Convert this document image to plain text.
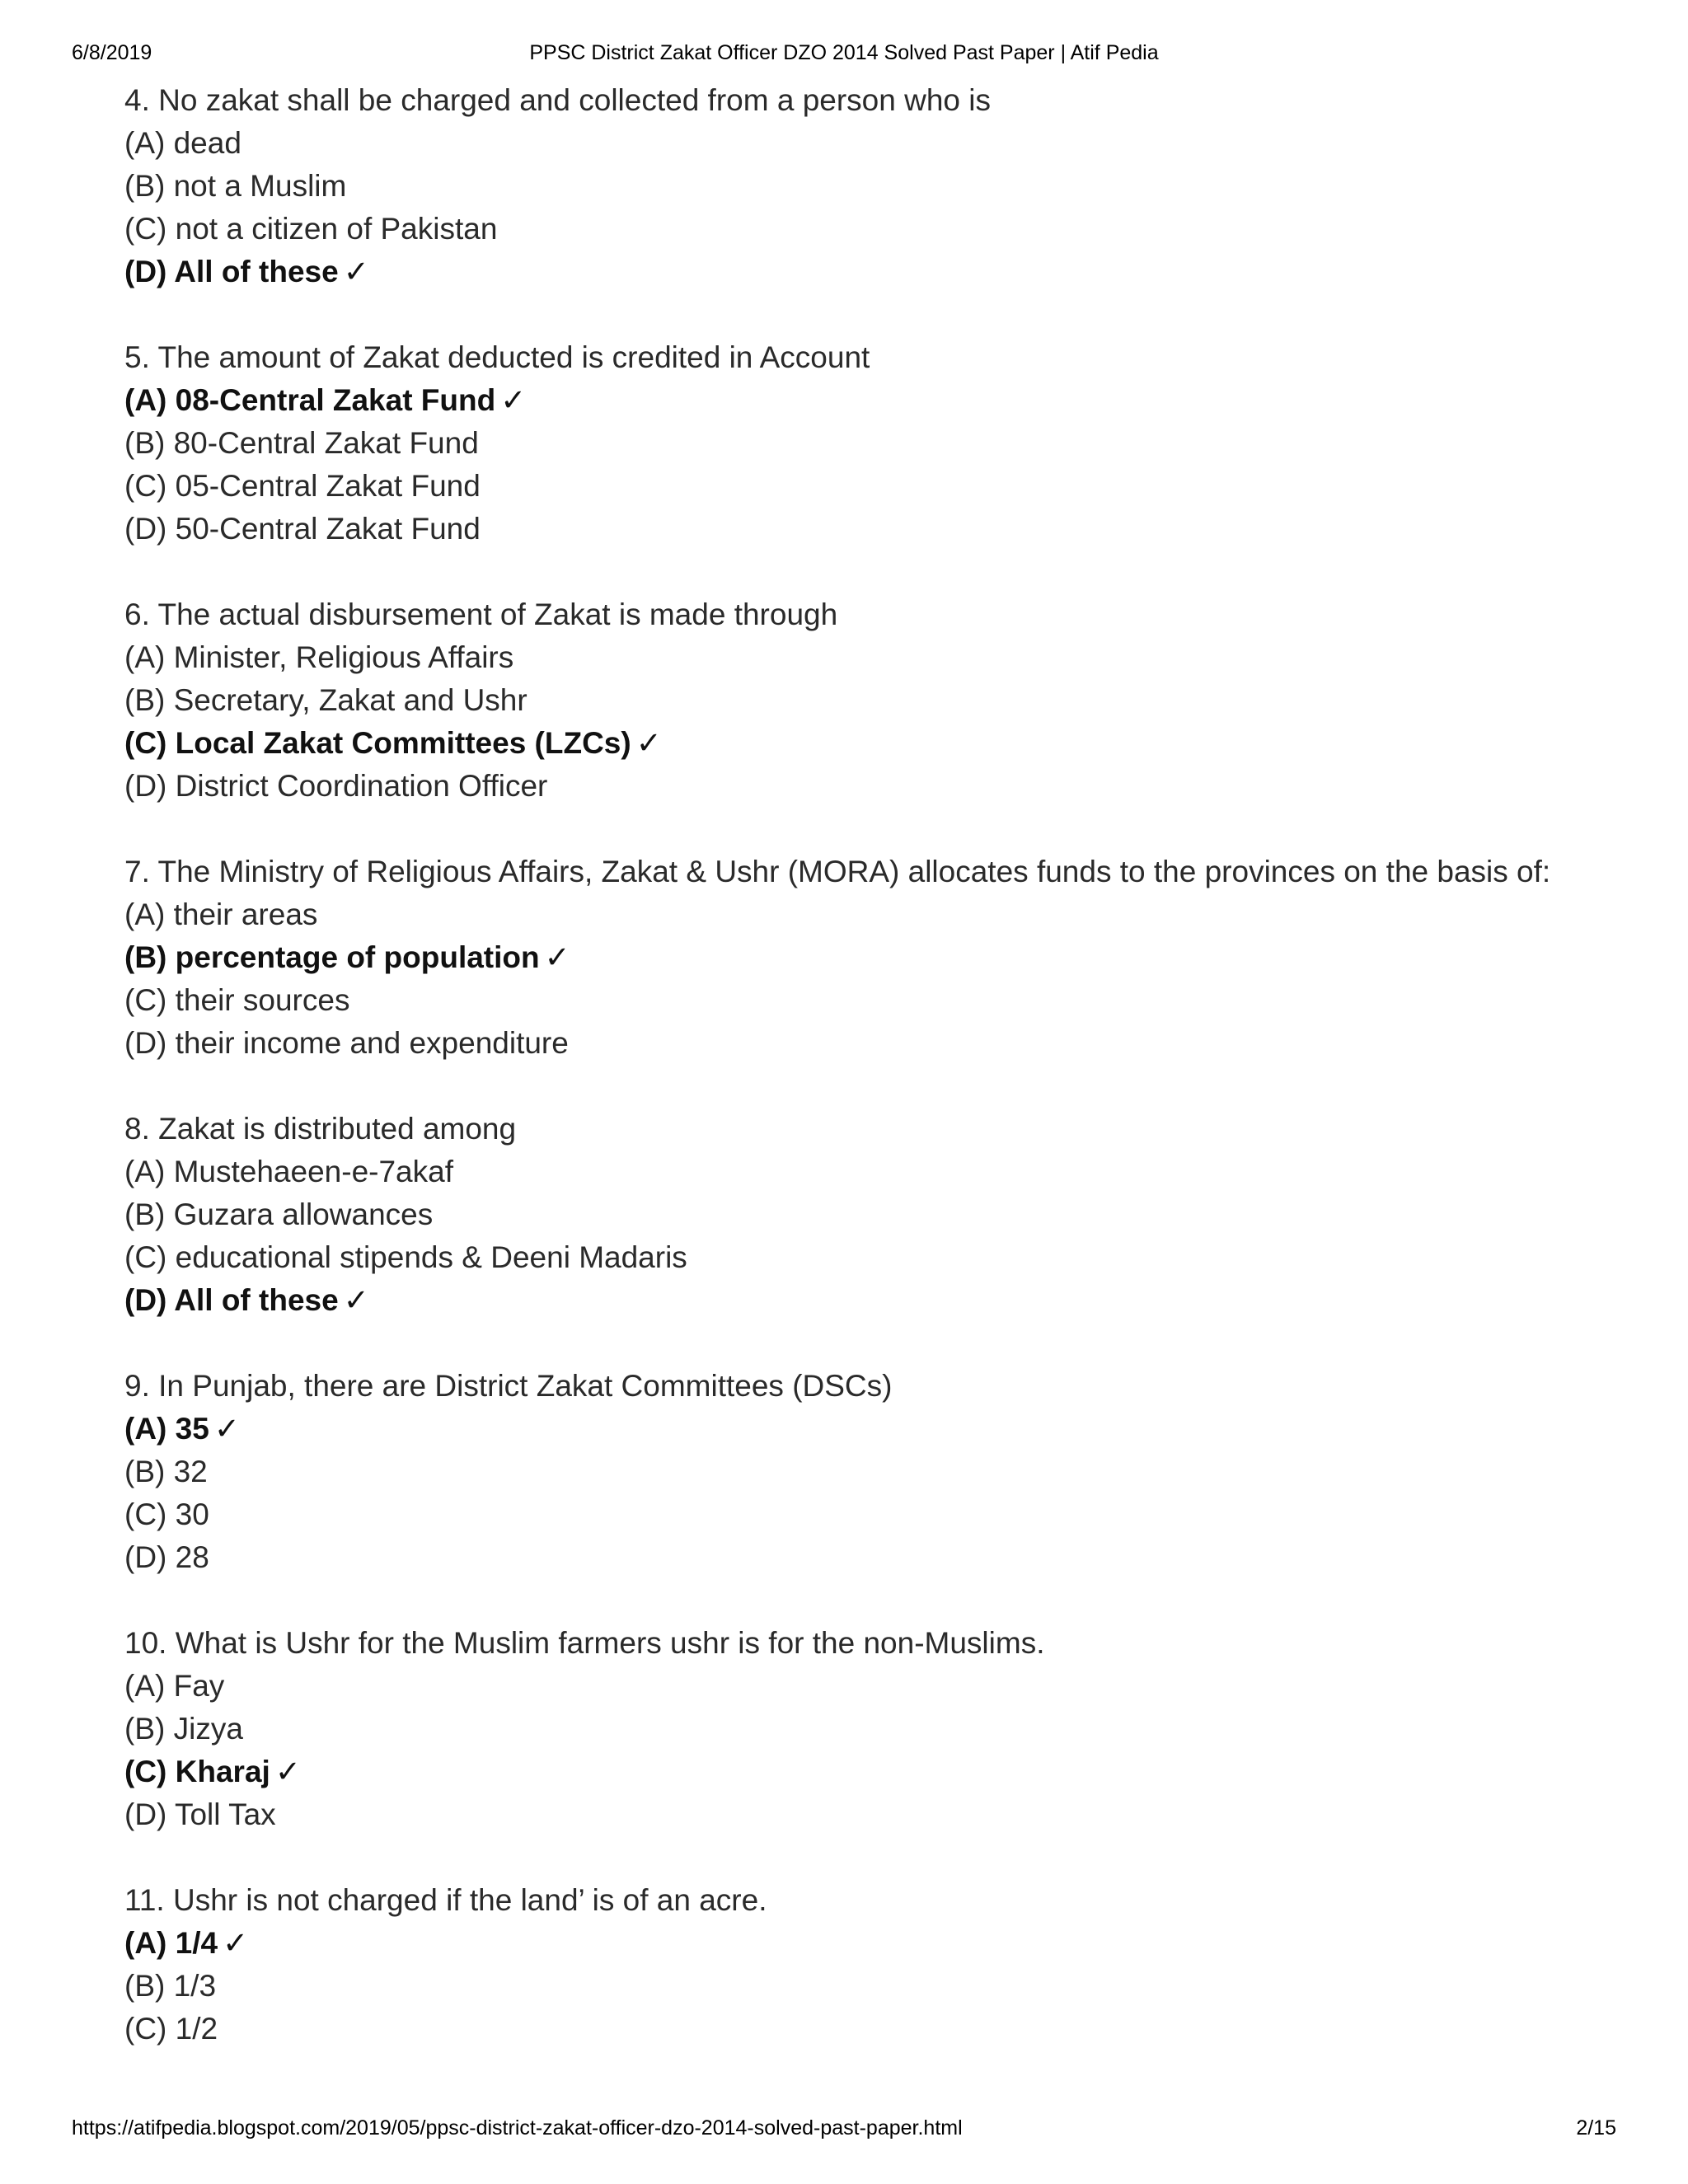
6/8/2019	PPSC District Zakat Officer DZO 2014 Solved Past Paper | Atif Pedia
4. No zakat shall be charged and collected from a person who is
(A) dead
(B) not a Muslim
(C) not a citizen of Pakistan
(D) All of these ✓
5. The amount of Zakat deducted is credited in Account
(A) 08-Central Zakat Fund ✓
(B) 80-Central Zakat Fund
(C) 05-Central Zakat Fund
(D) 50-Central Zakat Fund
6. The actual disbursement of Zakat is made through
(A) Minister, Religious Affairs
(B) Secretary, Zakat and Ushr
(C) Local Zakat Committees (LZCs) ✓
(D) District Coordination Officer
7. The Ministry of Religious Affairs, Zakat & Ushr (MORA) allocates funds to the provinces on the basis of:
(A) their areas
(B) percentage of population ✓
(C) their sources
(D) their income and expenditure
8. Zakat is distributed among
(A) Mustehaeen-e-7akaf
(B) Guzara allowances
(C) educational stipends & Deeni Madaris
(D) All of these ✓
9. In Punjab, there are District Zakat Committees (DSCs)
(A) 35 ✓
(B) 32
(C) 30
(D) 28
10. What is Ushr for the Muslim farmers ushr is for the non-Muslims.
(A) Fay
(B) Jizya
(C) Kharaj ✓
(D) Toll Tax
11. Ushr is not charged if the land’ is of an acre.
(A) 1/4 ✓
(B) 1/3
(C) 1/2
https://atifpedia.blogspot.com/2019/05/ppsc-district-zakat-officer-dzo-2014-solved-past-paper.html	2/15
